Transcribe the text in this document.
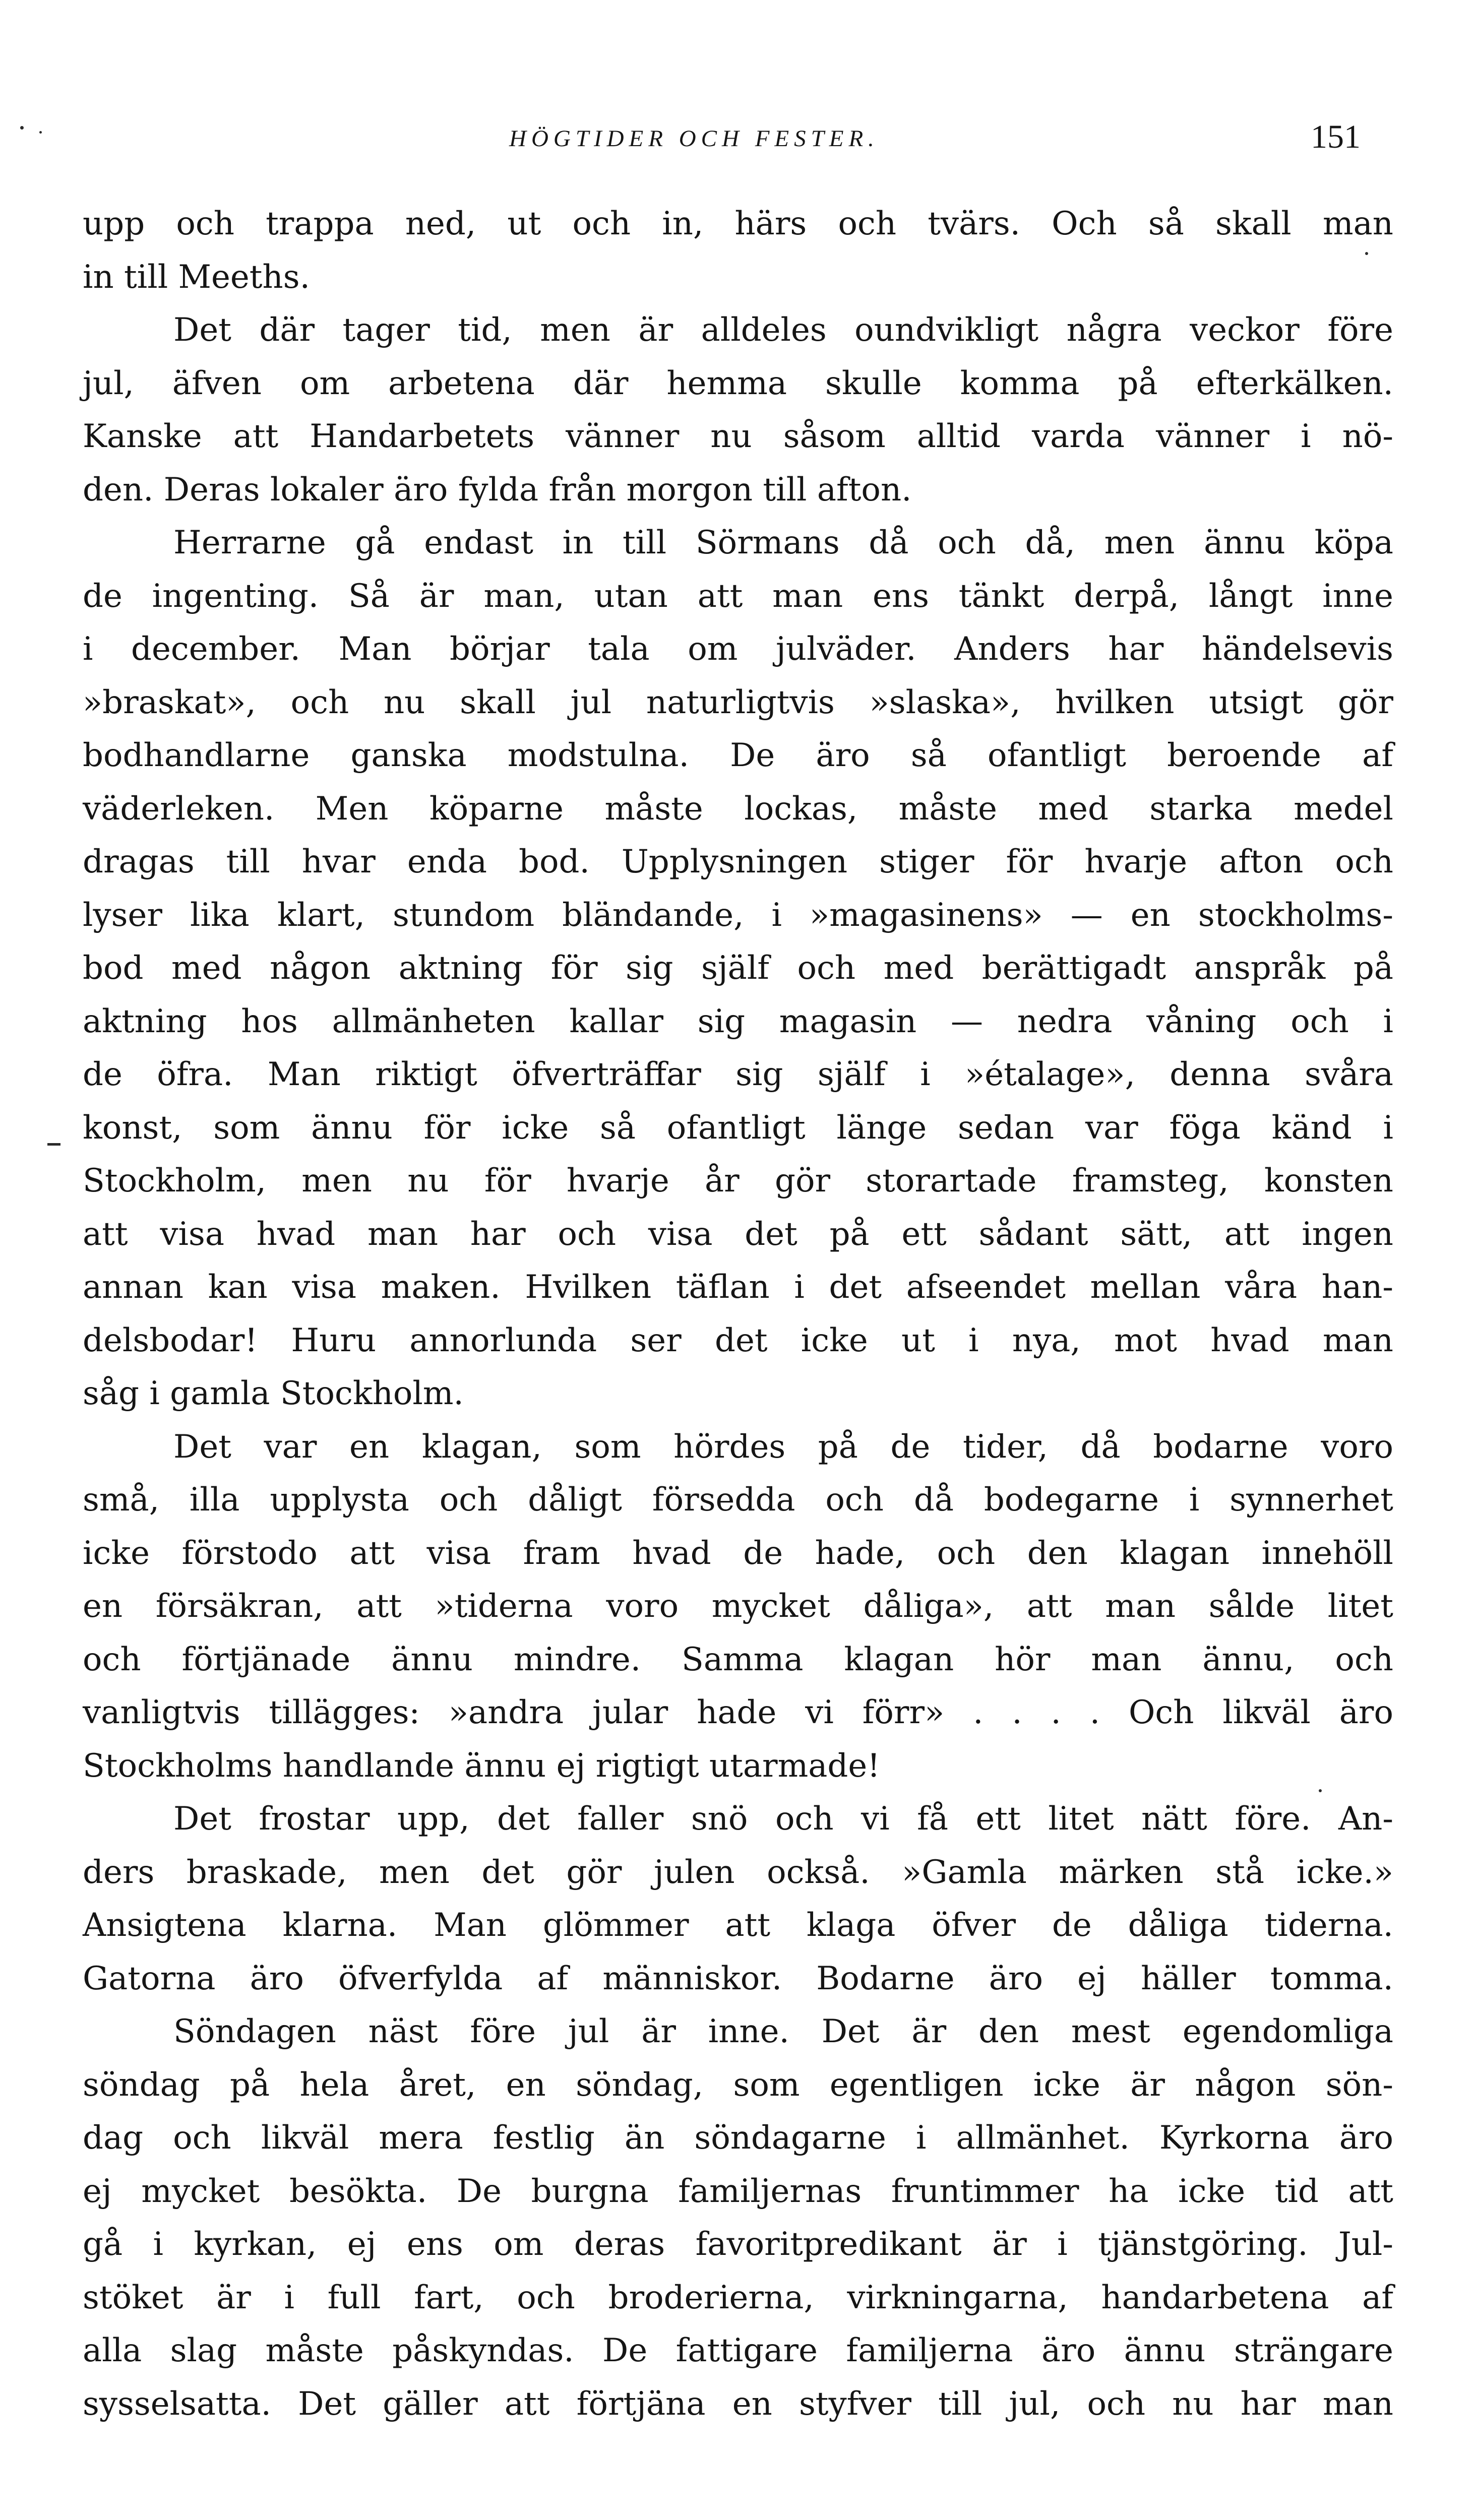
HÖGTIDER OCH FESTER.	151
upp och trappa ned, ut och in, härs och tvärs. Och så skall man
in till Meeths.
Det där tager tid, men är alldeles oundvikligt några veckor före
jul, äfven om arbetena där hemma skulle komma på efterkälken.
Kanske att Handarbetets vänner nu såsom alltid varda vänner i nö-
den. Deras lokaler äro fylda från morgon till afton.
Herrarne gå endast in till Sörmans då och då, men ännu köpa
de ingenting. Så är man, utan att man ens tänkt derpå, långt inne
i december. Man börjar tala om julväder. Anders har händelsevis
»braskat», och nu skall jul naturligtvis »slaska», hvilken utsigt gör
bodhandlarne ganska modstulna. De äro så ofantligt beroende af
väderleken. Men köparne måste lockas, måste med starka medel
dragas till hvar enda bod. Upplysningen stiger för hvarje afton och
lyser lika klart, stundom bländande, i »magasinens» — en stockholms-
bod med någon aktning för sig själf och med berättigadt anspråk på
aktning hos allmänheten kallar sig magasin — nedra våning och i
de öfra. Man riktigt öfverträffar sig själf i »étalage», denna svåra
konst, som ännu för icke så ofantligt länge sedan var föga känd i
Stockholm, men nu för hvarje år gör storartade framsteg, konsten
att visa hvad man har och visa det på ett sådant sätt, att ingen
annan kan visa maken. Hvilken täflan i det afseendet mellan våra han-
delsbodar! Huru annorlunda ser det icke ut i nya, mot hvad man
såg i gamla Stockholm.
Det var en klagan, som hördes på de tider, då bodarne voro
små, illa upplysta och dåligt försedda och då bodegarne i synnerhet
icke förstodo att visa fram hvad de hade, och den klagan innehöll
en försäkran, att »tiderna voro mycket dåliga», att man sålde litet
och förtjänade ännu mindre. Samma klagan hör man ännu, och
vanligtvis tillägges: »andra jular hade vi förr» . . . . Och likväl äro
Stockholms handlande ännu ej rigtigt utarmade!
Det frostar upp, det faller snö och vi få ett litet nätt före. An-
ders braskade, men det gör julen också. »Gamla märken stå icke.»
Ansigtena klarna. Man glömmer att klaga öfver de dåliga tiderna.
Gatorna äro öfverfylda af människor. Bodarne äro ej häller tomma.
Söndagen näst före jul är inne. Det är den mest egendomliga
söndag på hela året, en söndag, som egentligen icke är någon sön-
dag och likväl mera festlig än söndagarne i allmänhet. Kyrkorna äro
ej mycket besökta. De burgna familjernas fruntimmer ha icke tid att
gå i kyrkan, ej ens om deras favoritpredikant är i tjänstgöring. Jul-
stöket är i full fart, och broderierna, virkningarna, handarbetena af
alla slag måste påskyndas. De fattigare familjerna äro ännu strängare
sysselsatta. Det gäller att förtjäna en styfver till jul, och nu har man
